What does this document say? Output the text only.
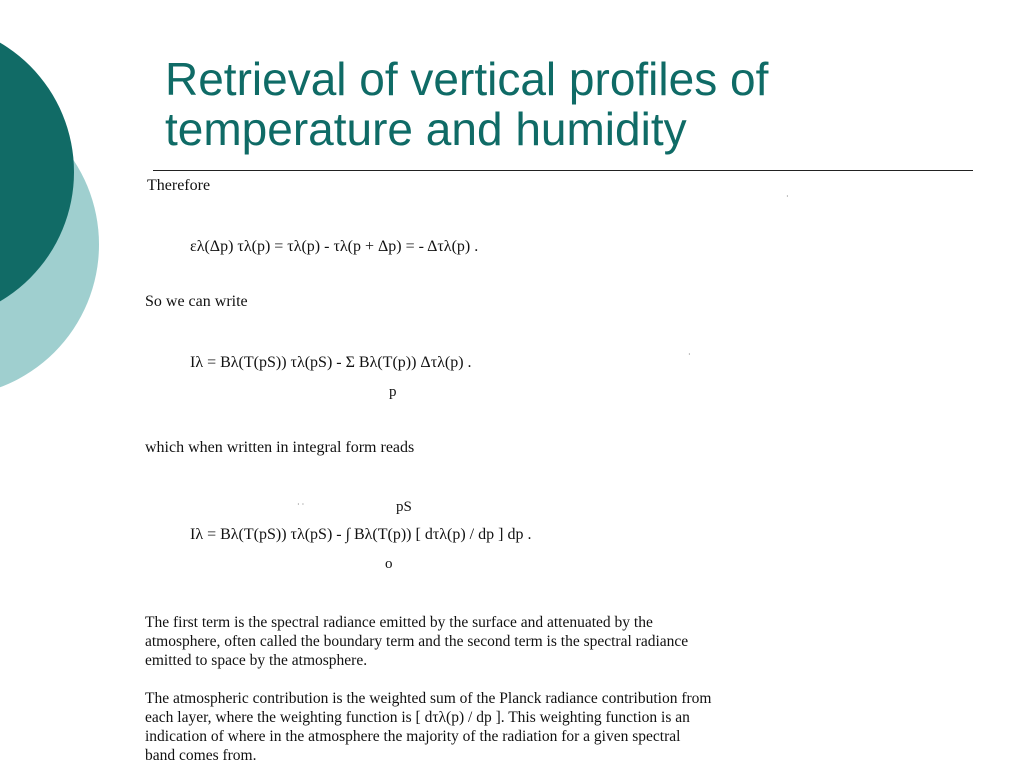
Retrieval of vertical profiles of
temperature and humidity
Therefore
ελ(Δp) τλ(p) = τλ(p) - τλ(p + Δp) = - Δτλ(p) .
So we can write
Iλ = Bλ(T(pS)) τλ(pS) - Σ Bλ(T(p)) Δτλ(p) .
p
which when written in integral form reads
pS
Iλ = Bλ(T(pS)) τλ(pS) - ∫ Bλ(T(p)) [ dτλ(p) / dp ] dp .
o
The first term is the spectral radiance emitted by the surface and attenuated by the
atmosphere, often called the boundary term and the second term is the spectral radiance
emitted to space by the atmosphere.
The atmospheric contribution is the weighted sum of the Planck radiance contribution from
each layer, where the weighting function is [ dτλ(p) / dp ]. This weighting function is an
indication of where in the atmosphere the majority of the radiation for a given spectral
band comes from.
·
·
· ·
